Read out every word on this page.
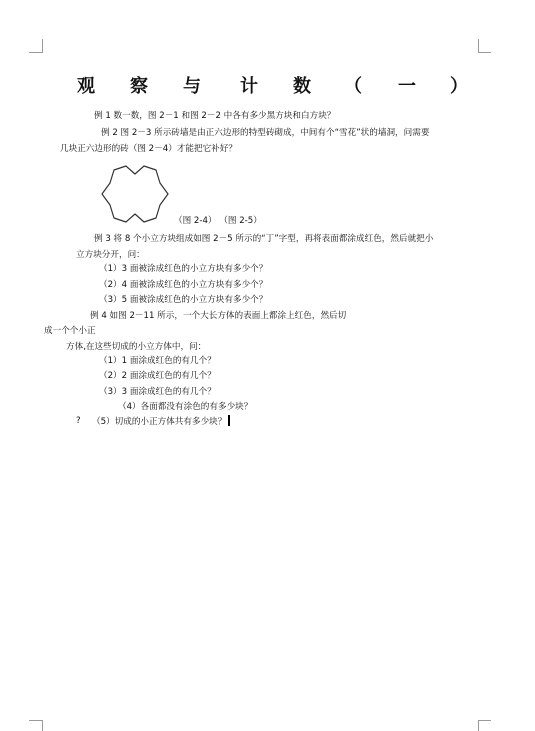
观 察 与 计 数 （ 一 ）
例 1 数一数，图 2－1 和图 2－2 中各有多少黑方块和白方块？
例 2 图 2－3 所示砖墙是由正六边形的特型砖砌成，中间有个“雪花”状的墙洞，问需要
几块正六边形的砖（图 2－4）才能把它补好？
（图 2-4） （图 2-5）
例 3 将 8 个小立方块组成如图 2－5 所示的“丁”字型，再将表面都涂成红色，然后就把小
立方块分开，问：
（1）3 面被涂成红色的小立方块有多少个？
（2）4 面被涂成红色的小立方块有多少个？
（3）5 面被涂成红色的小立方块有多少个？
例 4 如图 2－11 所示，一个大长方体的表面上都涂上红色，然后切
成一个个小正
方体,在这些切成的小立方体中，问：
（1）1 面涂成红色的有几个？
（2）2 面涂成红色的有几个？
（3）3 面涂成红色的有几个？
（4）各面都没有涂色的有多少块？
? （5）切成的小正方体共有多少块？
